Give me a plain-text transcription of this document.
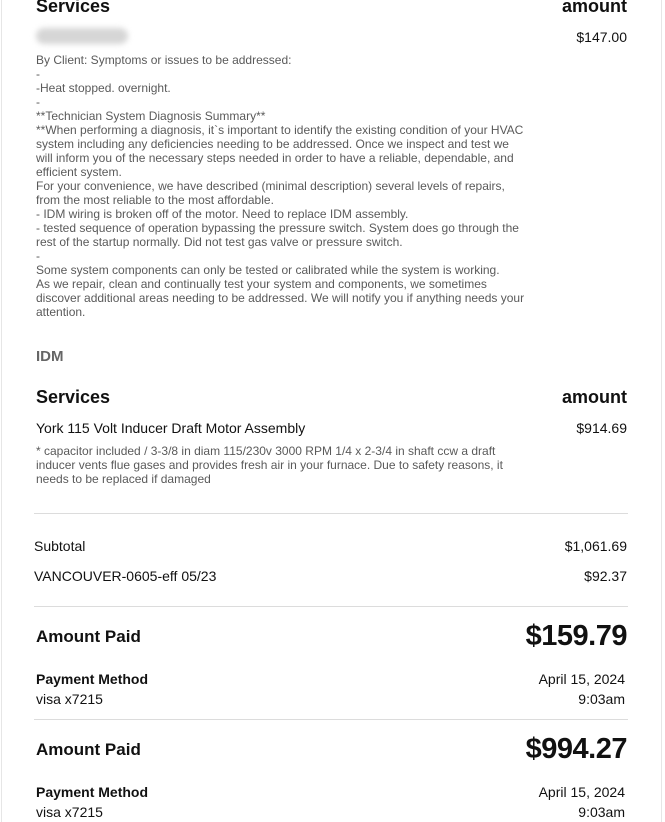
Services	amount
$147.00
By Client: Symptoms or issues to be addressed:
-
-Heat stopped. overnight.
-
**Technician System Diagnosis Summary**
**When performing a diagnosis, it`s important to identify the existing condition of your HVAC
system including any deficiencies needing to be addressed. Once we inspect and test we
will inform you of the necessary steps needed in order to have a reliable, dependable, and
efficient system.
For your convenience, we have described (minimal description) several levels of repairs,
from the most reliable to the most affordable.
- IDM wiring is broken off of the motor. Need to replace IDM assembly.
- tested sequence of operation bypassing the pressure switch. System does go through the
rest of the startup normally. Did not test gas valve or pressure switch.
-
Some system components can only be tested or calibrated while the system is working.
As we repair, clean and continually test your system and components, we sometimes
discover additional areas needing to be addressed. We will notify you if anything needs your
attention.
IDM
Services	amount
York 115 Volt Inducer Draft Motor Assembly	$914.69
* capacitor included / 3-3/8 in diam 115/230v 3000 RPM 1/4 x 2-3/4 in shaft ccw a draft
inducer vents flue gases and provides fresh air in your furnace. Due to safety reasons, it
needs to be replaced if damaged
Subtotal	$1,061.69
VANCOUVER-0605-eff 05/23	$92.37
Amount Paid	$159.79
Payment Method	April 15, 2024
visa x7215	9:03am
Amount Paid	$994.27
Payment Method	April 15, 2024
visa x7215	9:03am
